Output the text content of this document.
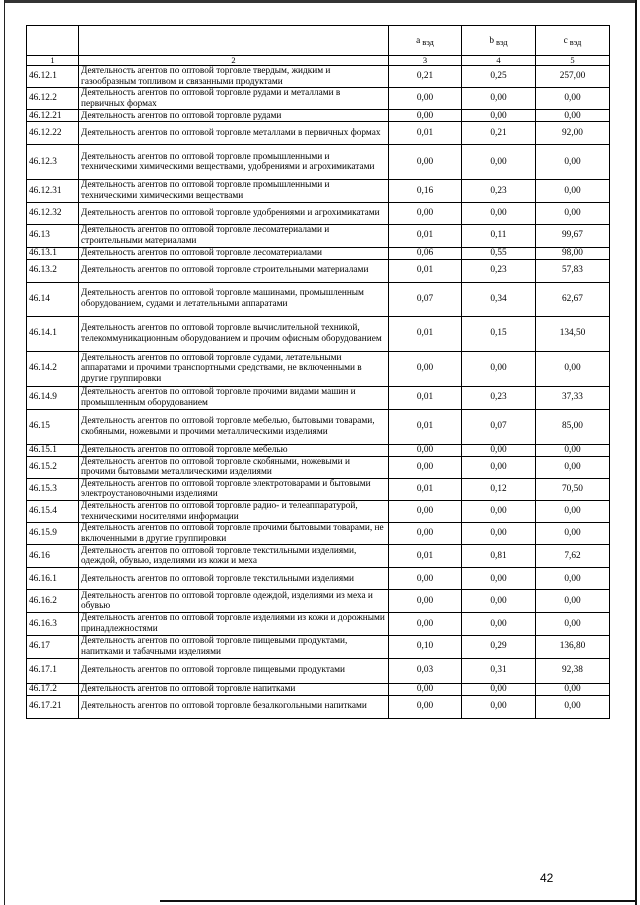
		a вэд	b вэд	c вэд
1	2	3	4	5
46.12.1	Деятельность агентов по оптовой торговле твердым, жидким и газообразным топливом и связанными продуктами	0,21	0,25	257,00
46.12.2	Деятельность агентов по оптовой торговле рудами и металлами в первичных формах	0,00	0,00	0,00
46.12.21	Деятельность агентов по оптовой торговле рудами	0,00	0,00	0,00
46.12.22	Деятельность агентов по оптовой торговле металлами в первичных формах	0,01	0,21	92,00
46.12.3	Деятельность агентов по оптовой торговле промышленными и техническими химическими веществами, удобрениями и агрохимикатами	0,00	0,00	0,00
46.12.31	Деятельность агентов по оптовой торговле промышленными и техническими химическими веществами	0,16	0,23	0,00
46.12.32	Деятельность агентов по оптовой торговле удобрениями и агрохимикатами	0,00	0,00	0,00
46.13	Деятельность агентов по оптовой торговле лесоматериалами и строительными материалами	0,01	0,11	99,67
46.13.1	Деятельность агентов по оптовой торговле лесоматериалами	0,06	0,55	98,00
46.13.2	Деятельность агентов по оптовой торговле строительными материалами	0,01	0,23	57,83
46.14	Деятельность агентов по оптовой торговле машинами, промышленным оборудованием, судами и летательными аппаратами	0,07	0,34	62,67
46.14.1	Деятельность агентов по оптовой торговле вычислительной техникой, телекоммуникационным оборудованием и прочим офисным оборудованием	0,01	0,15	134,50
46.14.2	Деятельность агентов по оптовой торговле судами, летательными аппаратами и прочими транспортными средствами, не включенными в другие группировки	0,00	0,00	0,00
46.14.9	Деятельность агентов по оптовой торговле прочими видами машин и промышленным оборудованием	0,01	0,23	37,33
46.15	Деятельность агентов по оптовой торговле мебелью, бытовыми товарами, скобяными, ножевыми и прочими металлическими изделиями	0,01	0,07	85,00
46.15.1	Деятельность агентов по оптовой торговле мебелью	0,00	0,00	0,00
46.15.2	Деятельность агентов по оптовой торговле скобяными, ножевыми и прочими бытовыми металлическими изделиями	0,00	0,00	0,00
46.15.3	Деятельность агентов по оптовой торговле электротоварами и бытовыми электроустановочными изделиями	0,01	0,12	70,50
46.15.4	Деятельность агентов по оптовой торговле радио- и телеаппаратурой, техническими носителями информации	0,00	0,00	0,00
46.15.9	Деятельность агентов по оптовой торговле прочими бытовыми товарами, не включенными в другие группировки	0,00	0,00	0,00
46.16	Деятельность агентов по оптовой торговле текстильными изделиями, одеждой, обувью, изделиями из кожи и меха	0,01	0,81	7,62
46.16.1	Деятельность агентов по оптовой торговле текстильными изделиями	0,00	0,00	0,00
46.16.2	Деятельность агентов по оптовой торговле одеждой, изделиями из меха и обувью	0,00	0,00	0,00
46.16.3	Деятельность агентов по оптовой торговле изделиями из кожи и дорожными принадлежностями	0,00	0,00	0,00
46.17	Деятельность агентов по оптовой торговле пищевыми продуктами, напитками и табачными изделиями	0,10	0,29	136,80
46.17.1	Деятельность агентов по оптовой торговле пищевыми продуктами	0,03	0,31	92,38
46.17.2	Деятельность агентов по оптовой торговле напитками	0,00	0,00	0,00
46.17.21	Деятельность агентов по оптовой торговле безалкогольными напитками	0,00	0,00	0,00
42
